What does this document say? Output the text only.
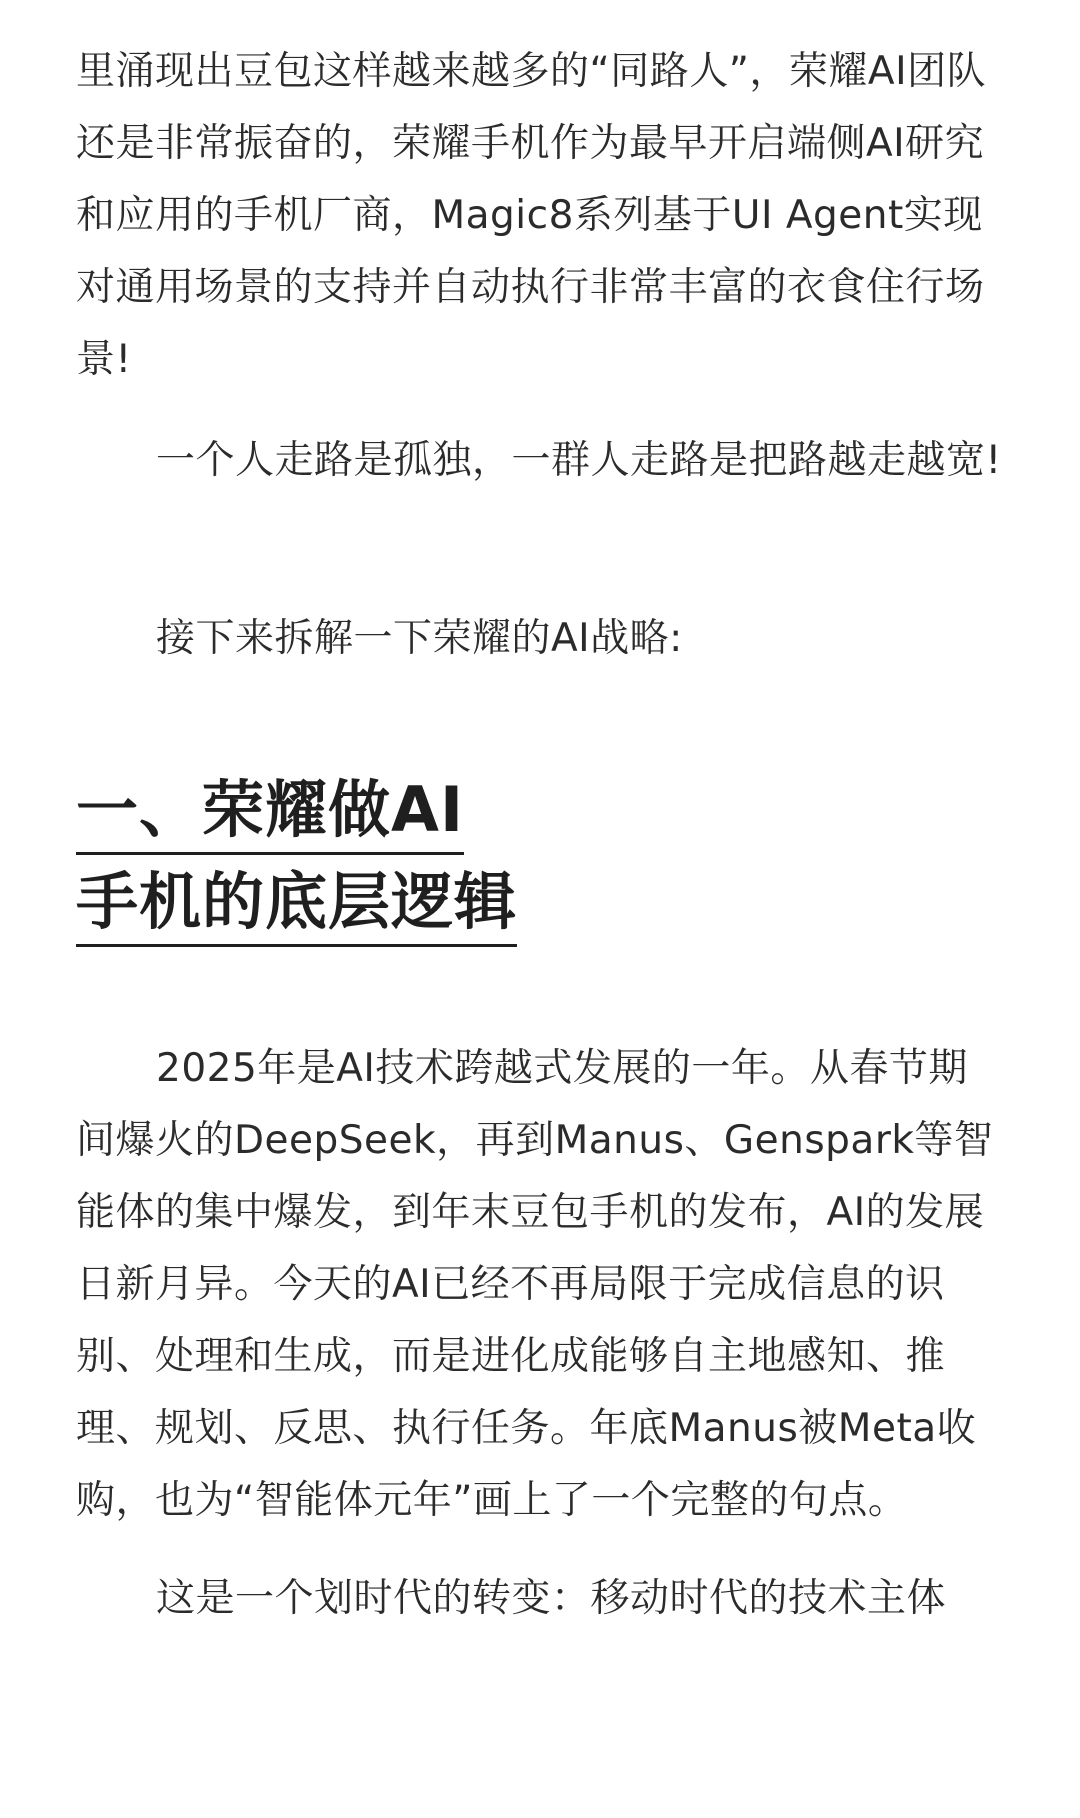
里涌现出豆包这样越来越多的“同路人”，荣耀AI团队还是非常振奋的，荣耀手机作为最早开启端侧AI研究和应用的手机厂商，Magic8系列基于UI Agent实现对通用场景的支持并自动执行非常丰富的衣食住行场景!

一个人走路是孤独，一群人走路是把路越走越宽!

接下来拆解一下荣耀的AI战略:

一、荣耀做AI
手机的底层逻辑

2025年是AI技术跨越式发展的一年。从春节期间爆火的DeepSeek，再到Manus、Genspark等智能体的集中爆发，到年末豆包手机的发布，AI的发展日新月异。今天的AI已经不再局限于完成信息的识别、处理和生成，而是进化成能够自主地感知、推理、规划、反思、执行任务。年底Manus被Meta收购，也为“智能体元年”画上了一个完整的句点。

这是一个划时代的转变：移动时代的技术主体
